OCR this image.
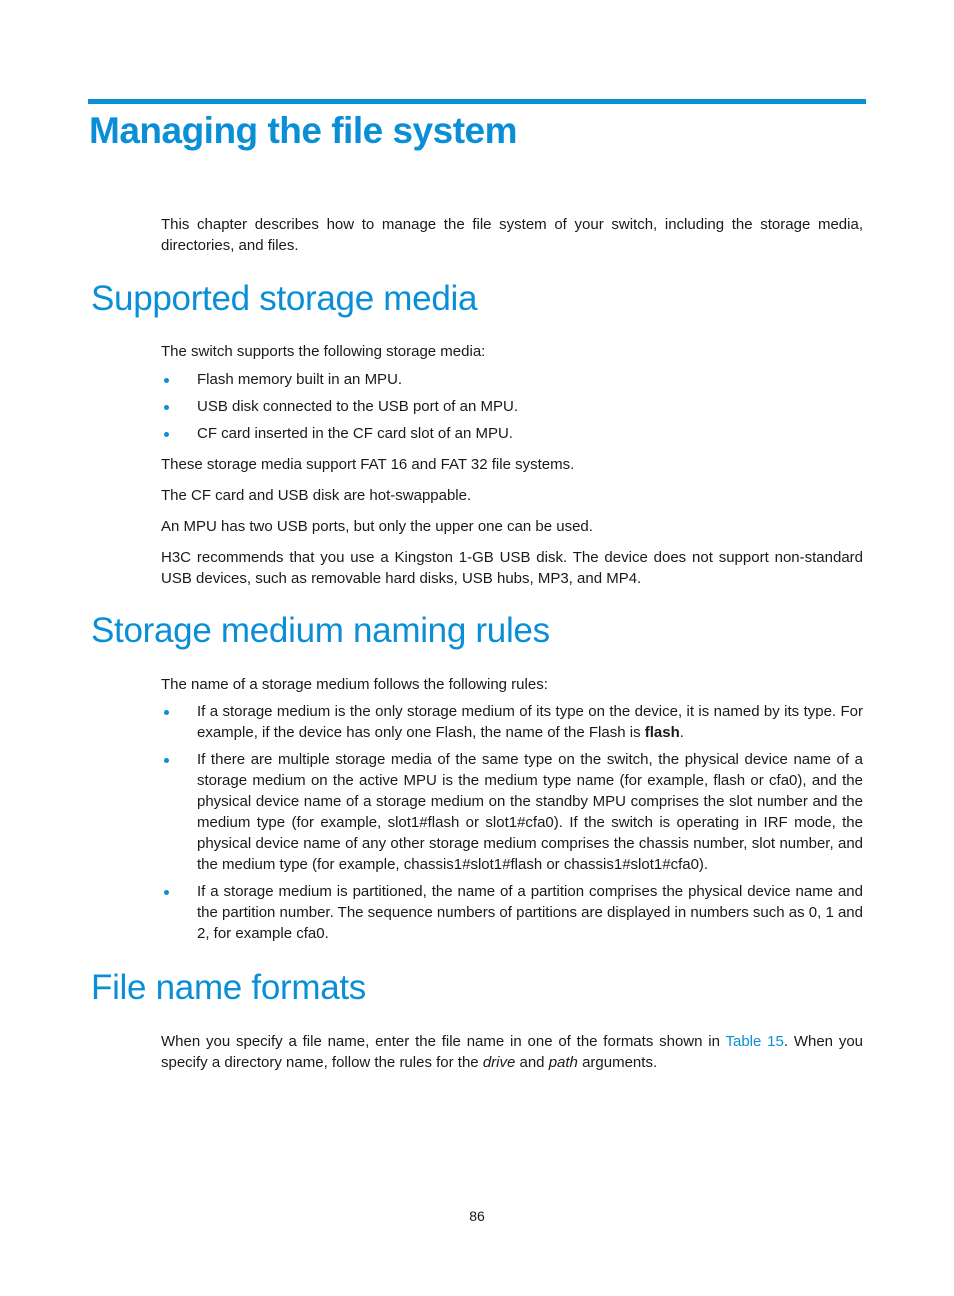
Managing the file system

This chapter describes how to manage the file system of your switch, including the storage media, directories, and files.

Supported storage media

The switch supports the following storage media:

Flash memory built in an MPU.
USB disk connected to the USB port of an MPU.
CF card inserted in the CF card slot of an MPU.

These storage media support FAT 16 and FAT 32 file systems.

The CF card and USB disk are hot-swappable.

An MPU has two USB ports, but only the upper one can be used.

H3C recommends that you use a Kingston 1-GB USB disk. The device does not support non-standard USB devices, such as removable hard disks, USB hubs, MP3, and MP4.

Storage medium naming rules

The name of a storage medium follows the following rules:

If a storage medium is the only storage medium of its type on the device, it is named by its type. For example, if the device has only one Flash, the name of the Flash is flash.
If there are multiple storage media of the same type on the switch, the physical device name of a storage medium on the active MPU is the medium type name (for example, flash or cfa0), and the physical device name of a storage medium on the standby MPU comprises the slot number and the medium type (for example, slot1#flash or slot1#cfa0). If the switch is operating in IRF mode, the physical device name of any other storage medium comprises the chassis number, slot number, and the medium type (for example, chassis1#slot1#flash or chassis1#slot1#cfa0).
If a storage medium is partitioned, the name of a partition comprises the physical device name and the partition number. The sequence numbers of partitions are displayed in numbers such as 0, 1 and 2, for example cfa0.
File name formats

When you specify a file name, enter the file name in one of the formats shown in Table 15. When you specify a directory name, follow the rules for the drive and path arguments.

86
